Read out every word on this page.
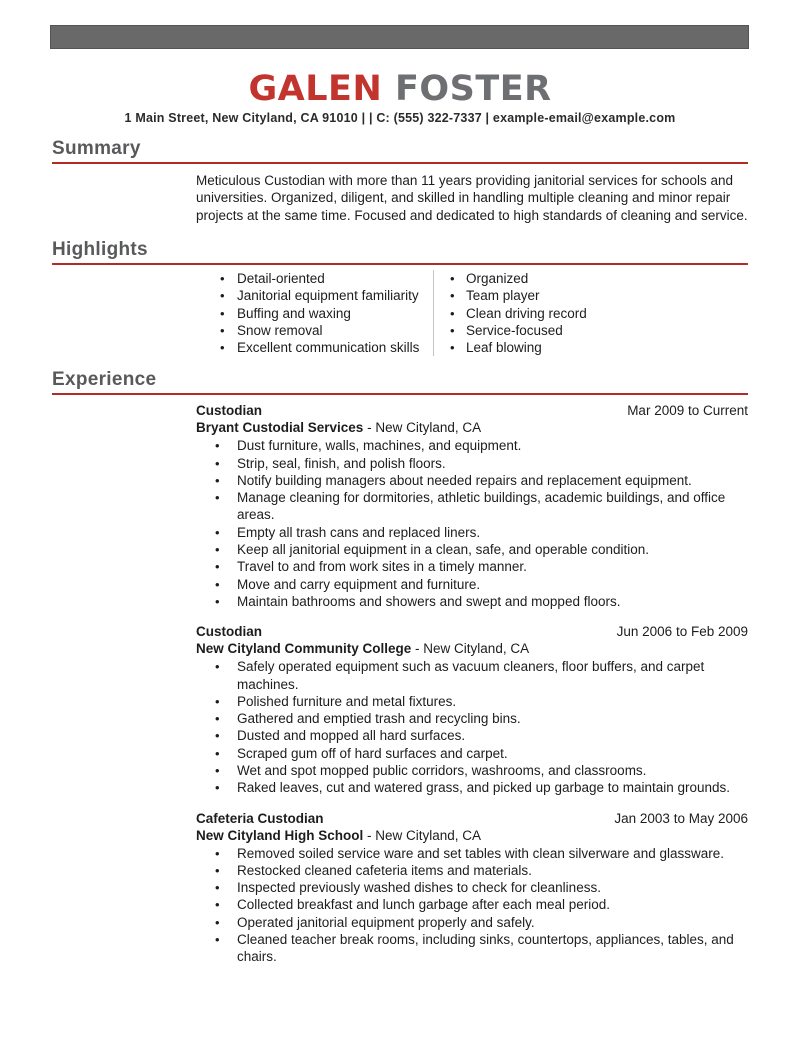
GALEN FOSTER
1 Main Street, New Cityland, CA 91010 | | C: (555) 322-7337 | example-email@example.com
Summary

Meticulous Custodian with more than 11 years providing janitorial services for schools and universities. Organized, diligent, and skilled in handling multiple cleaning and minor repair projects at the same time. Focused and dedicated to high standards of cleaning and service.

Highlights
• Detail-oriented
• Janitorial equipment familiarity
• Buffing and waxing
• Snow removal
• Excellent communication skills
• Organized
• Team player
• Clean driving record
• Service-focused
• Leaf blowing
Experience
Custodian	Mar 2009 to Current
Bryant Custodial Services - New Cityland, CA
• Dust furniture, walls, machines, and equipment.
• Strip, seal, finish, and polish floors.
• Notify building managers about needed repairs and replacement equipment.
• Manage cleaning for dormitories, athletic buildings, academic buildings, and office areas.
• Empty all trash cans and replaced liners.
• Keep all janitorial equipment in a clean, safe, and operable condition.
• Travel to and from work sites in a timely manner.
• Move and carry equipment and furniture.
• Maintain bathrooms and showers and swept and mopped floors.
Custodian	Jun 2006 to Feb 2009
New Cityland Community College - New Cityland, CA
• Safely operated equipment such as vacuum cleaners, floor buffers, and carpet machines.
• Polished furniture and metal fixtures.
• Gathered and emptied trash and recycling bins.
• Dusted and mopped all hard surfaces.
• Scraped gum off of hard surfaces and carpet.
• Wet and spot mopped public corridors, washrooms, and classrooms.
• Raked leaves, cut and watered grass, and picked up garbage to maintain grounds.
Cafeteria Custodian	Jan 2003 to May 2006
New Cityland High School - New Cityland, CA
• Removed soiled service ware and set tables with clean silverware and glassware.
• Restocked cleaned cafeteria items and materials.
• Inspected previously washed dishes to check for cleanliness.
• Collected breakfast and lunch garbage after each meal period.
• Operated janitorial equipment properly and safely.
• Cleaned teacher break rooms, including sinks, countertops, appliances, tables, and chairs.
